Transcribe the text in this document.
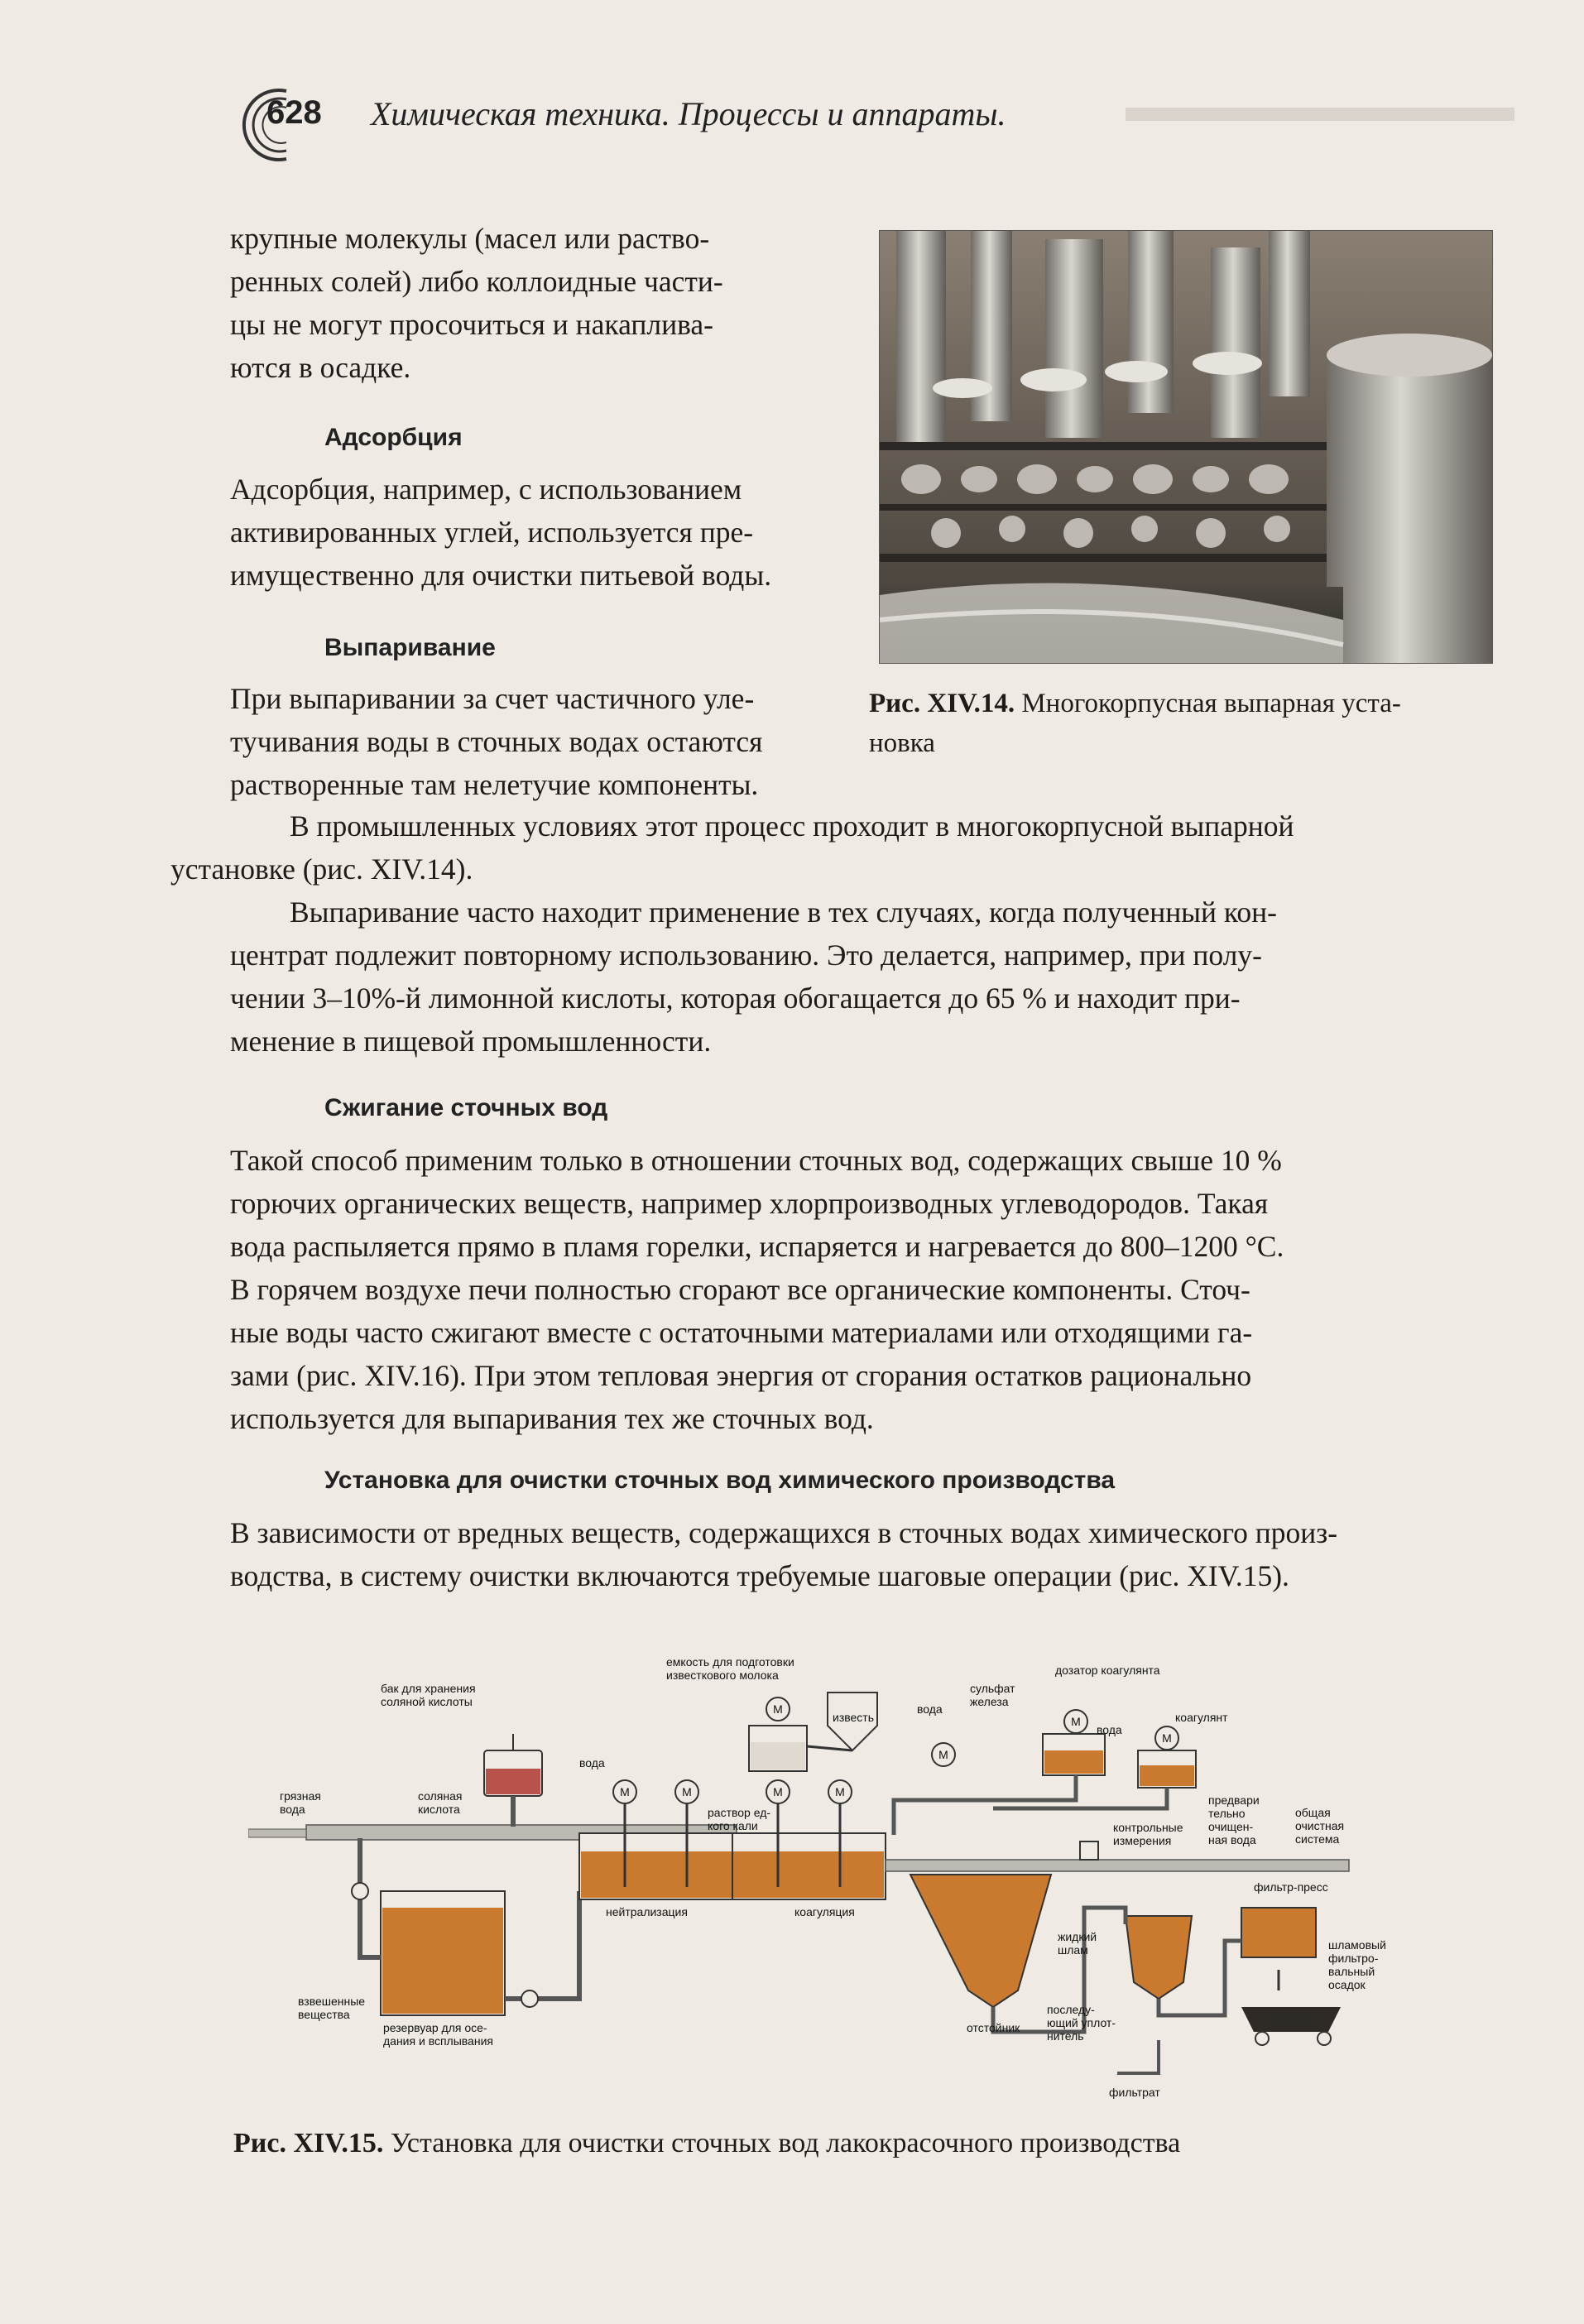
628 Химическая техника. Процессы и аппараты.
крупные молекулы (масел или раство-
ренных солей) либо коллоидные части-
цы не могут просочиться и накаплива-
ются в осадке.
Адсорбция
Адсорбция, например, с использованием
активированных углей, используется пре-
имущественно для очистки питьевой воды.
Выпаривание
При выпаривании за счет частичного уле-
тучивания воды в сточных водах остаются
растворенные там нелетучие компоненты.
Рис. XIV.14. Многокорпусная выпарная уста-
новка
В промышленных условиях этот процесс проходит в многокорпусной выпарной
установке (рис. XIV.14).
Выпаривание часто находит применение в тех случаях, когда полученный кон-
центрат подлежит повторному использованию. Это делается, например, при полу-
чении 3–10%-й лимонной кислоты, которая обогащается до 65 % и находит при-
менение в пищевой промышленности.
Сжигание сточных вод
Такой способ применим только в отношении сточных вод, содержащих свыше 10 %
горючих органических веществ, например хлорпроизводных углеводородов. Такая
вода распыляется прямо в пламя горелки, испаряется и нагревается до 800–1200 °С.
В горячем воздухе печи полностью сгорают все органические компоненты. Сточ-
ные воды часто сжигают вместе с остаточными материалами или отходящими га-
зами (рис. XIV.16). При этом тепловая энергия от сгорания остатков рационально
используется для выпаривания тех же сточных вод.
Установка для очистки сточных вод химического производства
В зависимости от вредных веществ, содержащихся в сточных водах химического произ-
водства, в систему очистки включаются требуемые шаговые операции (рис. XIV.15).
M	M	M	M
M
M
M
M
грязная
вода
соляная
кислота
бак для хранения
соляной кислоты
вода
емкость для подготовки
известкового молока
известь
раствор ед-
кого кали
дозатор коагулянта
вода
сульфат
железа
вода
коагулянт
контрольные
измерения
предвари
тельно
очищен-
ная вода
общая
очистная
система
взвешенные
вещества
резервуар для осе-
дания и всплывания
нейтрализация	коагуляция
жидкий
шлам
отстойник
последу-
ющий уплот-
нитель
фильтр-пресс
шламовый
фильтро-
вальный
осадок
фильтрат
Рис. XIV.15. Установка для очистки сточных вод лакокрасочного производства
